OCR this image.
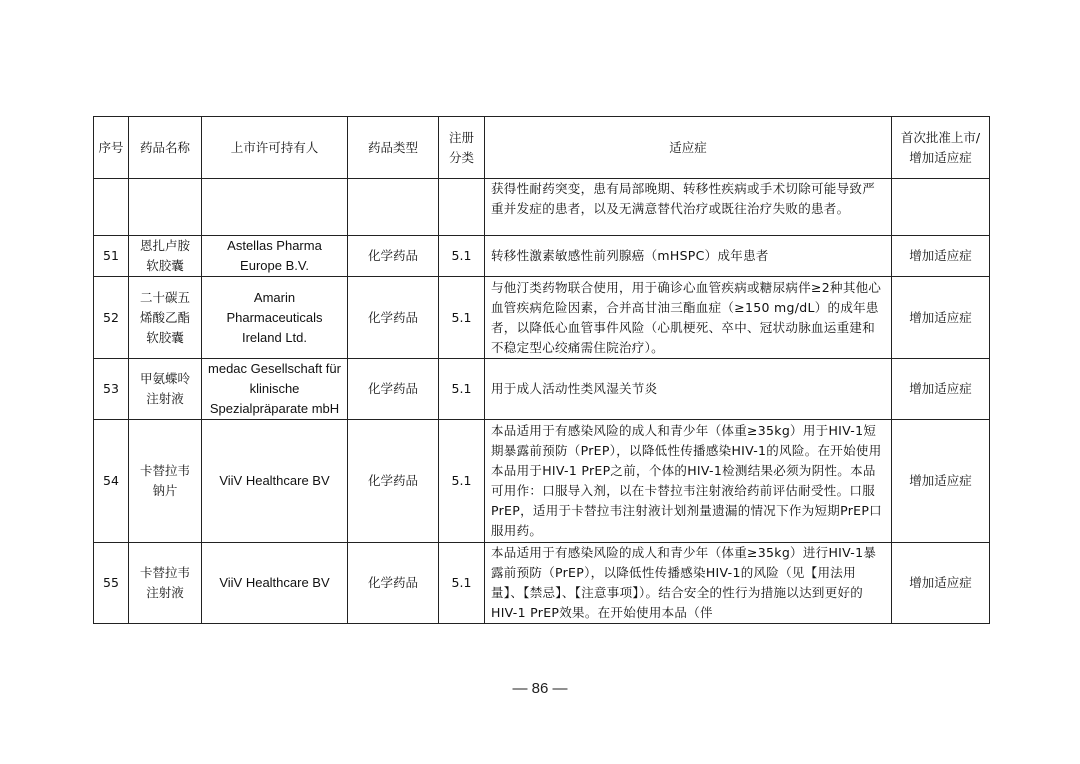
序号	药品名称	上市许可持有人	药品类型	注册分类	适应症	首次批准上市/增加适应症
					获得性耐药突变，患有局部晚期、转移性疾病或手术切除可能导致严重并发症的患者，以及无满意替代治疗或既往治疗失败的患者。	
51	恩扎卢胺软胶囊	Astellas Pharma Europe B.V.	化学药品	5.1	转移性激素敏感性前列腺癌（mHSPC）成年患者	增加适应症
52	二十碳五烯酸乙酯软胶囊	Amarin Pharmaceuticals Ireland Ltd.	化学药品	5.1	与他汀类药物联合使用，用于确诊心血管疾病或糖尿病伴≥2种其他心血管疾病危险因素，合并高甘油三酯血症（≥150 mg/dL）的成年患者，以降低心血管事件风险（心肌梗死、卒中、冠状动脉血运重建和不稳定型心绞痛需住院治疗）。	增加适应症
53	甲氨蝶呤注射液	medac Gesellschaft für klinische Spezialpräparate mbH	化学药品	5.1	用于成人活动性类风湿关节炎	增加适应症
54	卡替拉韦钠片	ViiV Healthcare BV	化学药品	5.1	本品适用于有感染风险的成人和青少年（体重≥35kg）用于HIV-1短期暴露前预防（PrEP），以降低性传播感染HIV-1的风险。在开始使用本品用于HIV-1 PrEP之前，个体的HIV-1检测结果必须为阴性。本品可用作：口服导入剂，以在卡替拉韦注射液给药前评估耐受性。口服PrEP，适用于卡替拉韦注射液计划剂量遗漏的情况下作为短期PrEP口服用药。	增加适应症
55	卡替拉韦注射液	ViiV Healthcare BV	化学药品	5.1	本品适用于有感染风险的成人和青少年（体重≥35kg）进行HIV-1暴露前预防（PrEP），以降低性传播感染HIV-1的风险（见【用法用量】、【禁忌】、【注意事项】）。结合安全的性行为措施以达到更好的HIV-1 PrEP效果。在开始使用本品（伴	增加适应症
— 86 —
